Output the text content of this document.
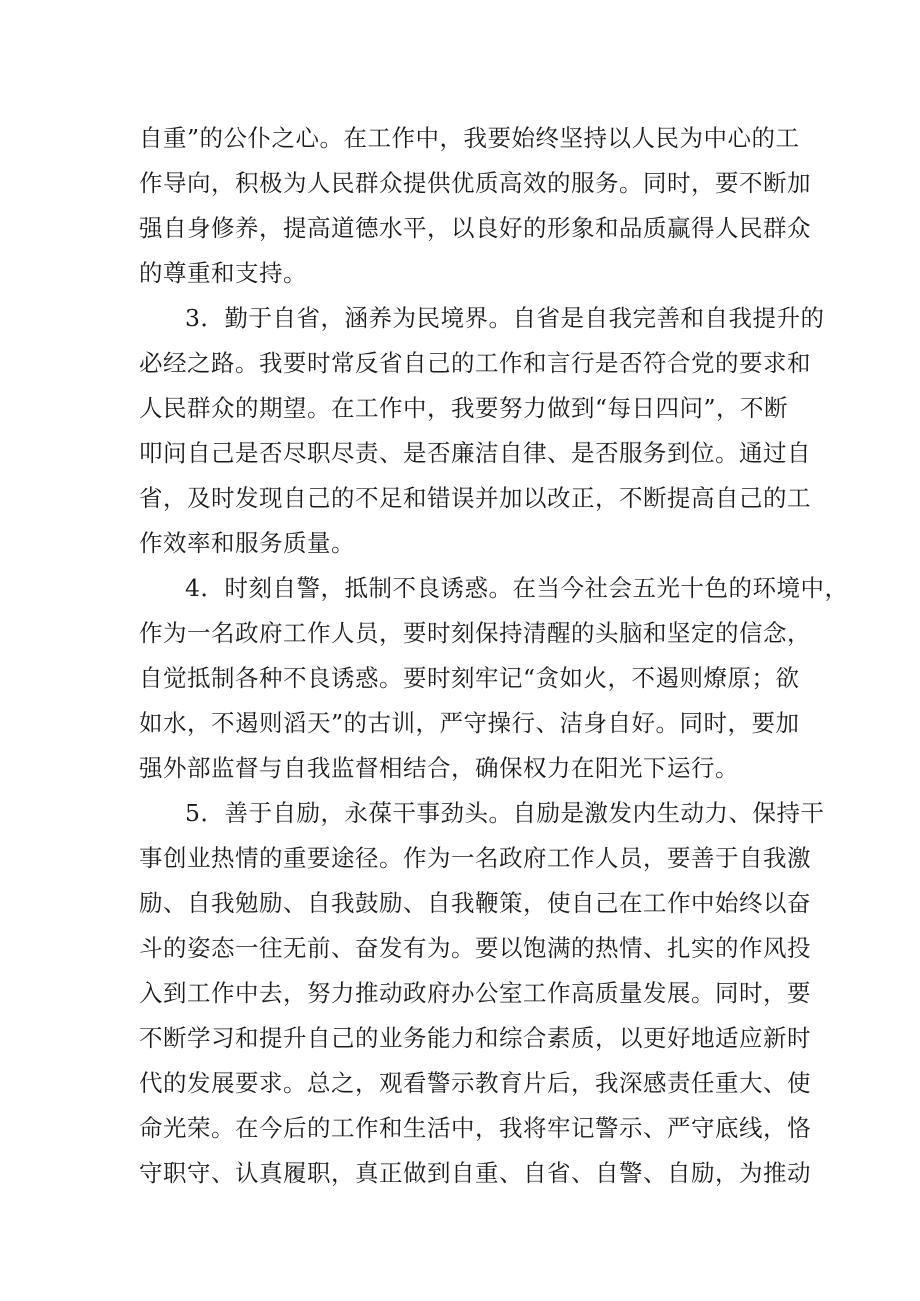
自重”的公仆之心。在工作中，我要始终坚持以人民为中心的工
作导向，积极为人民群众提供优质高效的服务。同时，要不断加
强自身修养，提高道德水平，以良好的形象和品质赢得人民群众
的尊重和支持。
3．勤于自省，涵养为民境界。自省是自我完善和自我提升的
必经之路。我要时常反省自己的工作和言行是否符合党的要求和
人民群众的期望。在工作中，我要努力做到“每日四问”，不断
叩问自己是否尽职尽责、是否廉洁自律、是否服务到位。通过自
省，及时发现自己的不足和错误并加以改正，不断提高自己的工
作效率和服务质量。
4．时刻自警，抵制不良诱惑。在当今社会五光十色的环境中，
作为一名政府工作人员，要时刻保持清醒的头脑和坚定的信念，
自觉抵制各种不良诱惑。要时刻牢记“贪如火，不遏则燎原；欲
如水，不遏则滔天”的古训，严守操行、洁身自好。同时，要加
强外部监督与自我监督相结合，确保权力在阳光下运行。
5．善于自励，永葆干事劲头。自励是激发内生动力、保持干
事创业热情的重要途径。作为一名政府工作人员，要善于自我激
励、自我勉励、自我鼓励、自我鞭策，使自己在工作中始终以奋
斗的姿态一往无前、奋发有为。要以饱满的热情、扎实的作风投
入到工作中去，努力推动政府办公室工作高质量发展。同时，要
不断学习和提升自己的业务能力和综合素质，以更好地适应新时
代的发展要求。总之，观看警示教育片后，我深感责任重大、使
命光荣。在今后的工作和生活中，我将牢记警示、严守底线，恪
守职守、认真履职，真正做到自重、自省、自警、自励，为推动
